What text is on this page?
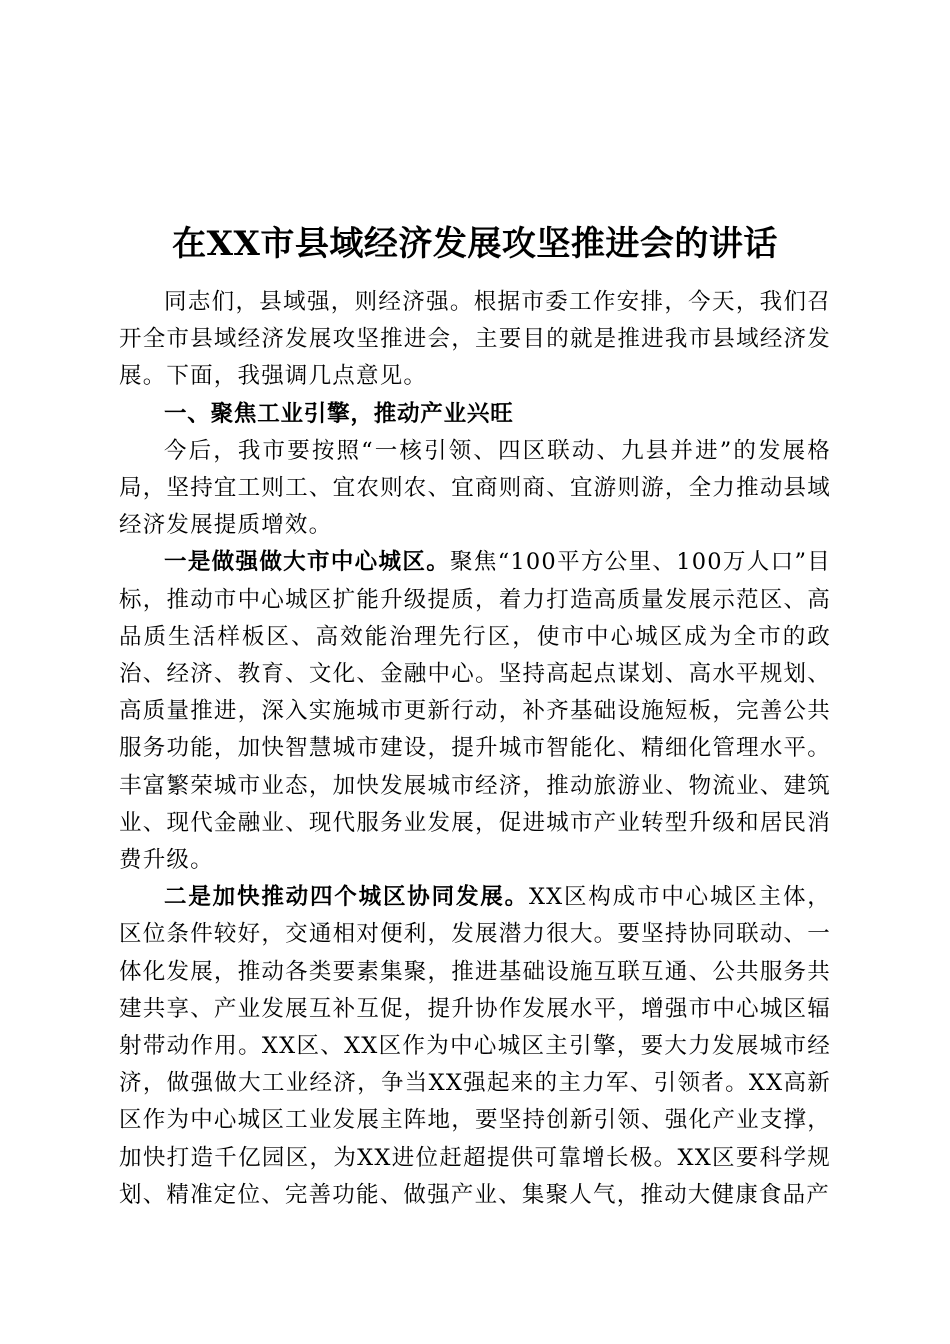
在XX市县域经济发展攻坚推进会的讲话

同志们，县域强，则经济强。根据市委工作安排，今天，我们召开全市县域经济发展攻坚推进会，主要目的就是推进我市县域经济发展。下面，我强调几点意见。

一、聚焦工业引擎，推动产业兴旺

今后，我市要按照“一核引领、四区联动、九县并进”的发展格局，坚持宜工则工、宜农则农、宜商则商、宜游则游，全力推动县域经济发展提质增效。

一是做强做大市中心城区。聚焦“100平方公里、100万人口”目标，推动市中心城区扩能升级提质，着力打造高质量发展示范区、高品质生活样板区、高效能治理先行区，使市中心城区成为全市的政治、经济、教育、文化、金融中心。坚持高起点谋划、高水平规划、高质量推进，深入实施城市更新行动，补齐基础设施短板，完善公共服务功能，加快智慧城市建设，提升城市智能化、精细化管理水平。丰富繁荣城市业态，加快发展城市经济，推动旅游业、物流业、建筑业、现代金融业、现代服务业发展，促进城市产业转型升级和居民消费升级。

二是加快推动四个城区协同发展。XX区构成市中心城区主体，区位条件较好，交通相对便利，发展潜力很大。要坚持协同联动、一体化发展，推动各类要素集聚，推进基础设施互联互通、公共服务共建共享、产业发展互补互促，提升协作发展水平，增强市中心城区辐射带动作用。XX区、XX区作为中心城区主引擎，要大力发展城市经济，做强做大工业经济，争当XX强起来的主力军、引领者。XX高新区作为中心城区工业发展主阵地，要坚持创新引领、强化产业支撑，加快打造千亿园区，为XX进位赶超提供可靠增长极。XX区要科学规划、精准定位、完善功能、做强产业、集聚人气，推动大健康食品产
